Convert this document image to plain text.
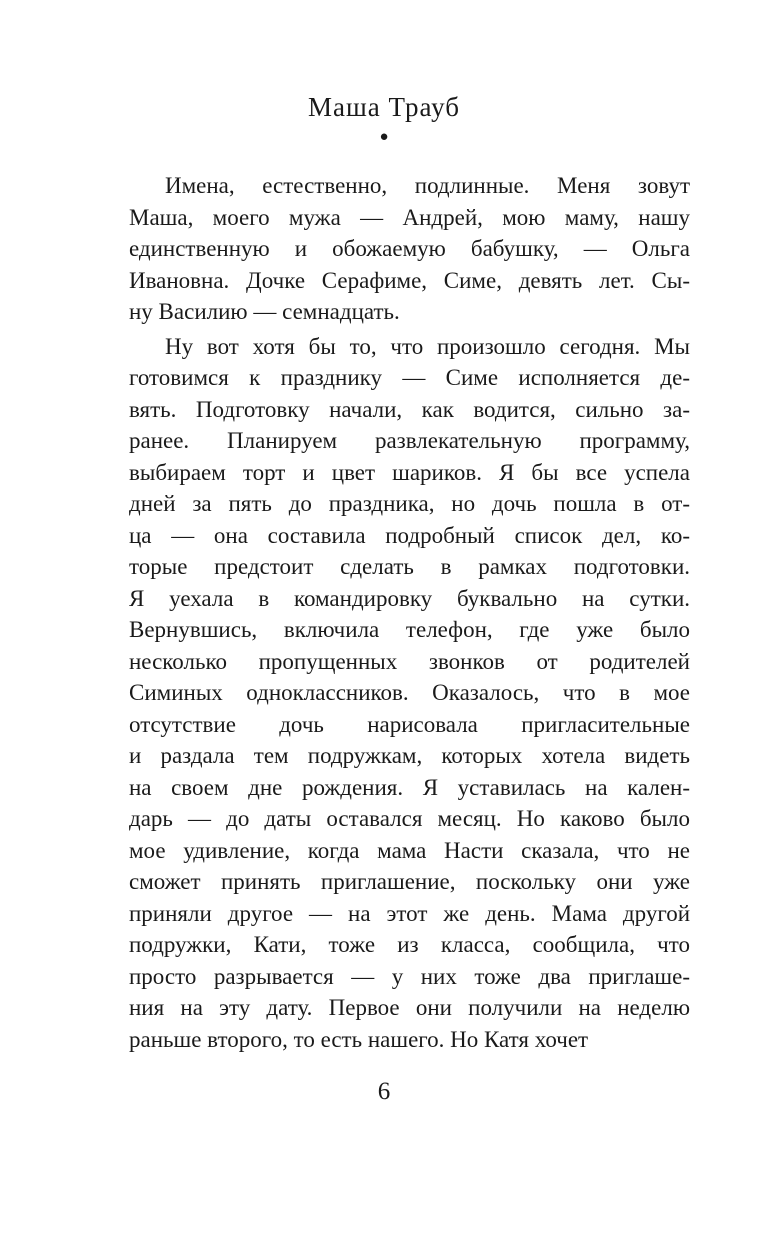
Маша Трауб
●
Имена, естественно, подлинные. Меня зовут
Маша, моего мужа — Андрей, мою маму, нашу
единственную и обожаемую бабушку, — Ольга
Ивановна. Дочке Серафиме, Симе, девять лет. Сы-
ну Василию — семнадцать.
Ну вот хотя бы то, что произошло сегодня. Мы
готовимся к празднику — Симе исполняется де-
вять. Подготовку начали, как водится, сильно за-
ранее. Планируем развлекательную программу,
выбираем торт и цвет шариков. Я бы все успела
дней за пять до праздника, но дочь пошла в от-
ца — она составила подробный список дел, ко-
торые предстоит сделать в рамках подготовки.
Я уехала в командировку буквально на сутки.
Вернувшись, включила телефон, где уже было
несколько пропущенных звонков от родителей
Симиных одноклассников. Оказалось, что в мое
отсутствие дочь нарисовала пригласительные
и раздала тем подружкам, которых хотела видеть
на своем дне рождения. Я уставилась на кален-
дарь — до даты оставался месяц. Но каково было
мое удивление, когда мама Насти сказала, что не
сможет принять приглашение, поскольку они уже
приняли другое — на этот же день. Мама другой
подружки, Кати, тоже из класса, сообщила, что
просто разрывается — у них тоже два приглаше-
ния на эту дату. Первое они получили на неделю
раньше второго, то есть нашего. Но Катя хочет
6
